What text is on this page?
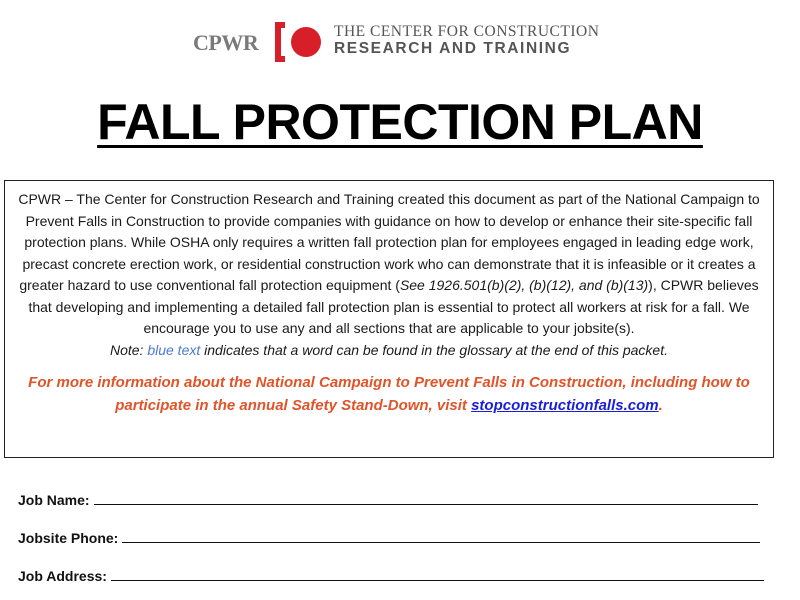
CPWR	THE CENTER FOR CONSTRUCTION
RESEARCH AND TRAINING
FALL PROTECTION PLAN

CPWR – The Center for Construction Research and Training created this document as part of the National Campaign to Prevent Falls in Construction to provide companies with guidance on how to develop or enhance their site-specific fall protection plans. While OSHA only requires a written fall protection plan for employees engaged in leading edge work, precast concrete erection work, or residential construction work who can demonstrate that it is infeasible or it creates a greater hazard to use conventional fall protection equipment (See 1926.501(b)(2), (b)(12), and (b)(13)), CPWR believes that developing and implementing a detailed fall protection plan is essential to protect all workers at risk for a fall. We encourage you to use any and all sections that are applicable to your jobsite(s).

Note: blue text indicates that a word can be found in the glossary at the end of this packet.

For more information about the National Campaign to Prevent Falls in Construction, including how to participate in the annual Safety Stand-Down, visit stopconstructionfalls.com.

Job Name:
Jobsite Phone:
Job Address:
